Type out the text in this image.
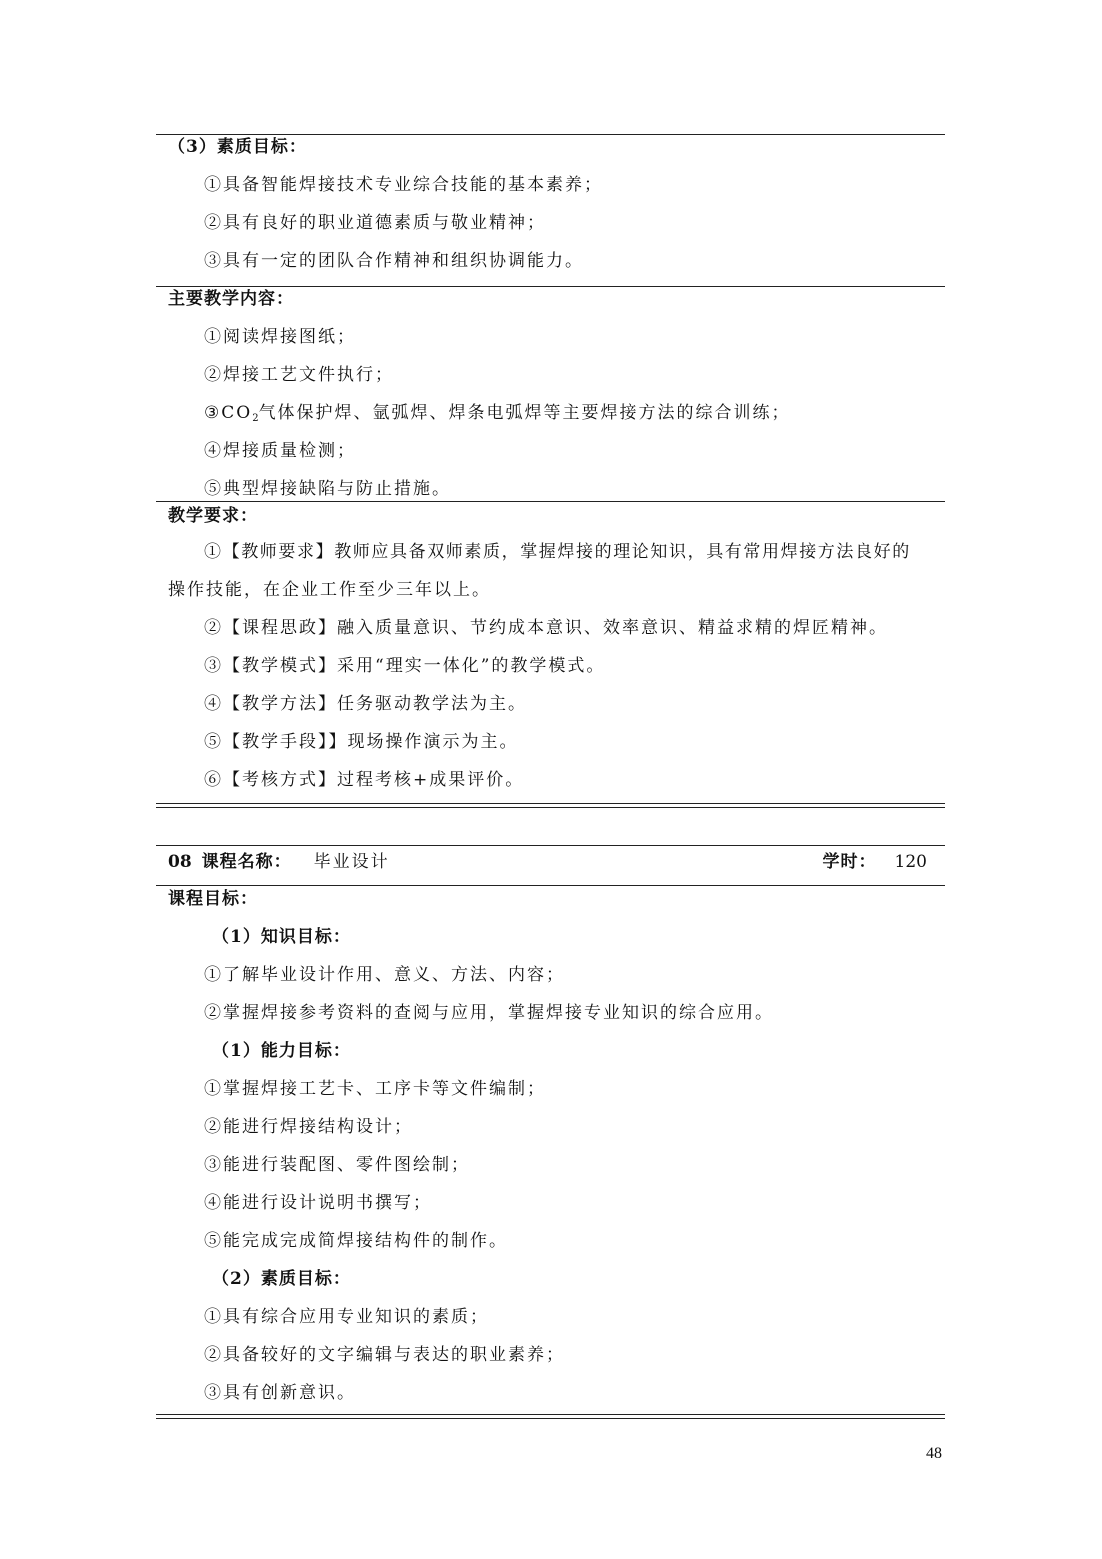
（3）素质目标：
①具备智能焊接技术专业综合技能的基本素养；
②具有良好的职业道德素质与敬业精神；
③具有一定的团队合作精神和组织协调能力。
主要教学内容：
①阅读焊接图纸；
②焊接工艺文件执行；
$③CO_2$气体保护焊、氩弧焊、焊条电弧焊等主要焊接方法的综合训练；
④焊接质量检测；
⑤典型焊接缺陷与防止措施。
教学要求：
①【教师要求】教师应具备双师素质，掌握焊接的理论知识，具有常用焊接方法良好的
操作技能，在企业工作至少三年以上。
②【课程思政】融入质量意识、节约成本意识、效率意识、精益求精的焊匠精神。
③【教学模式】采用“理实一体化”的教学模式。
④【教学方法】任务驱动教学法为主。
⑤【教学手段】】现场操作演示为主。
⑥【考核方式】过程考核+成果评价。
08 课程名称： 毕业设计	学时： 120
课程目标：
（1）知识目标：
①了解毕业设计作用、意义、方法、内容；
②掌握焊接参考资料的查阅与应用，掌握焊接专业知识的综合应用。
（1）能力目标：
①掌握焊接工艺卡、工序卡等文件编制；
②能进行焊接结构设计；
③能进行装配图、零件图绘制；
④能进行设计说明书撰写；
⑤能完成完成简焊接结构件的制作。
（2）素质目标：
①具有综合应用专业知识的素质；
②具备较好的文字编辑与表达的职业素养；
③具有创新意识。
48
